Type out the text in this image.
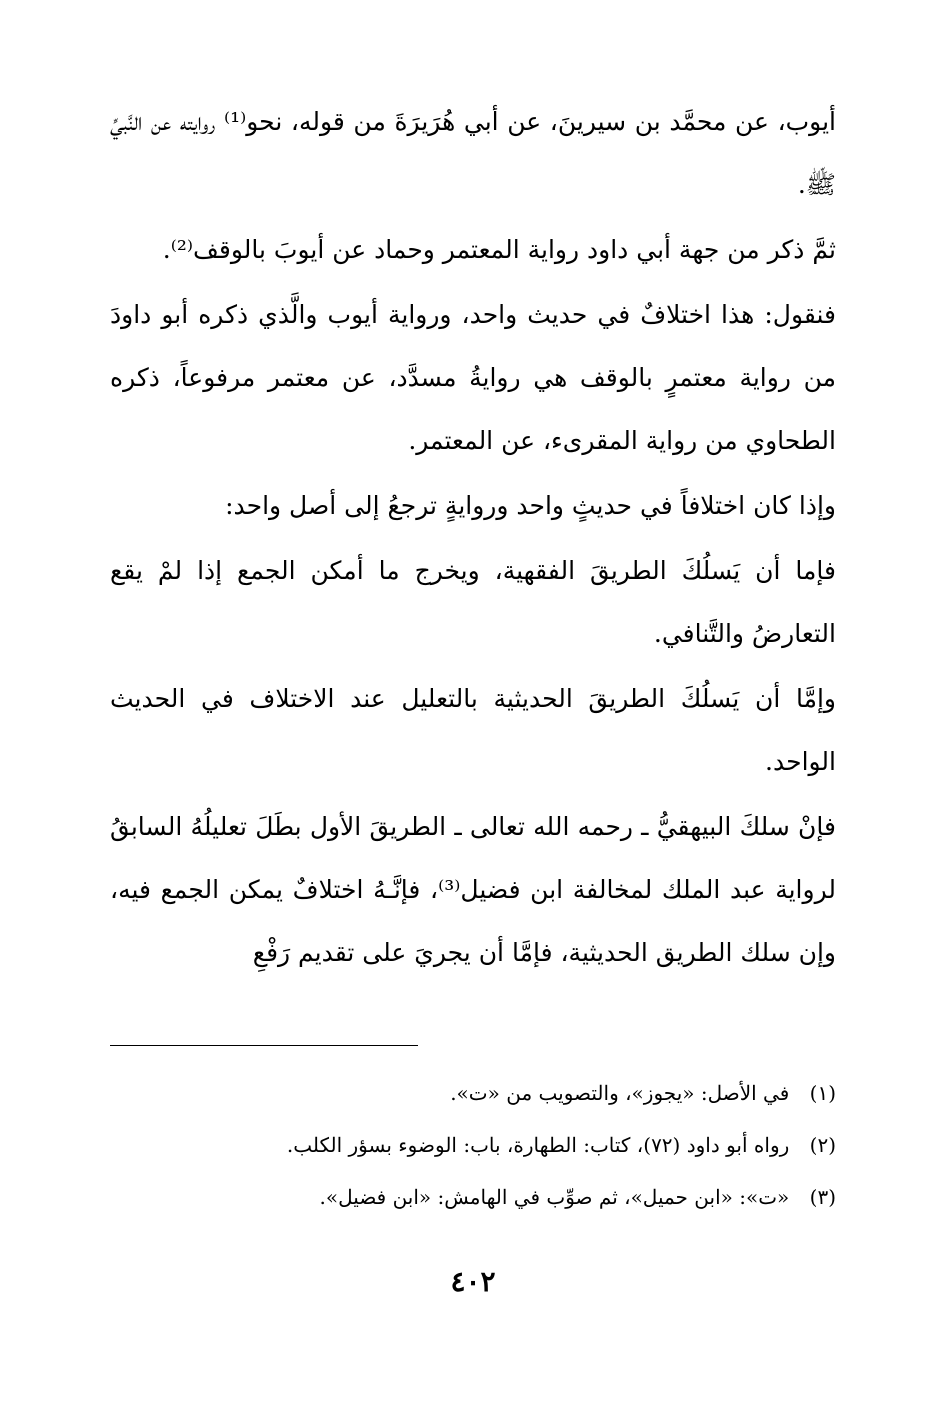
أيوب، عن محمَّد بن سيرينَ، عن أبي هُرَيرَةَ من قوله، نحو⁽¹⁾ روايته عن النَّبيِّ ﷺ.

ثمَّ ذكر من جهة أبي داود رواية المعتمر وحماد عن أيوبَ بالوقف⁽²⁾.

فنقول: هذا اختلافٌ في حديث واحد، ورواية أيوب والَّذي ذكره أبو داودَ من رواية معتمرٍ بالوقف هي روايةُ مسدَّد، عن معتمر مرفوعاً، ذكره الطحاوي من رواية المقرىء، عن المعتمر.

وإذا كان اختلافاً في حديثٍ واحد وروايةٍ ترجعُ إلى أصل واحد:

فإما أن يَسلُكَ الطريقَ الفقهية، ويخرج ما أمكن الجمع إذا لمْ يقع التعارضُ والتَّنافي.

وإمَّا أن يَسلُكَ الطريقَ الحديثية بالتعليل عند الاختلاف في الحديث الواحد.

فإنْ سلكَ البيهقيُّ ـ رحمه الله تعالى ـ الطريقَ الأول بطَلَ تعليلُهُ السابقُ لرواية عبد الملك لمخالفة ابن فضيل⁽³⁾، فإنَّـهُ اختلافٌ يمكن الجمع فيه، وإن سلك الطريق الحديثية، فإمَّا أن يجريَ على تقديم رَفْعِ

(١) في الأصل: «يجوز»، والتصويب من «ت».

(٢) رواه أبو داود (٧٢)، كتاب: الطهارة، باب: الوضوء بسؤر الكلب.

(٣) «ت»: «ابن حميل»، ثم صوِّب في الهامش: «ابن فضيل».

٤٠٢
